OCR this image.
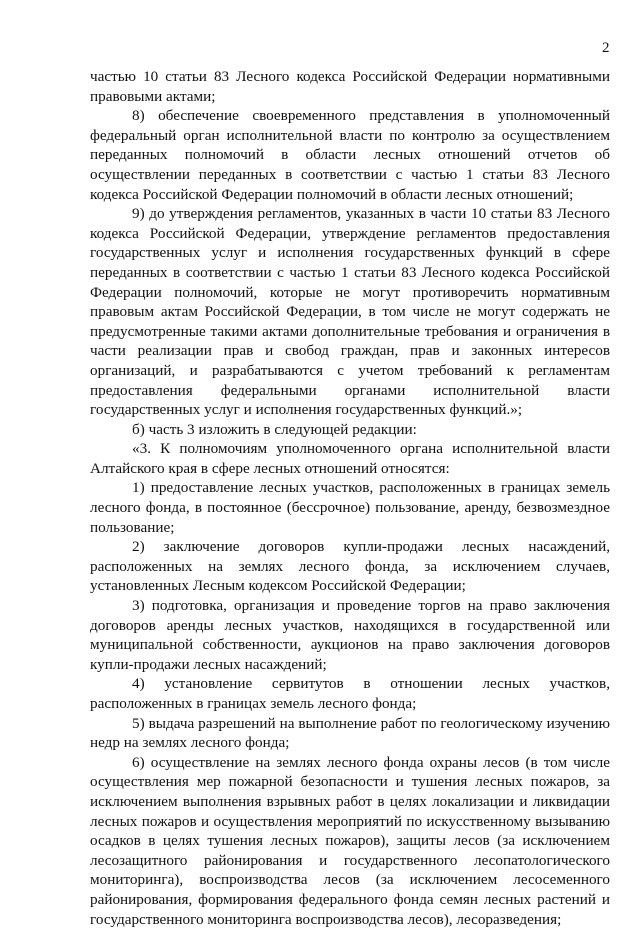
2

частью 10 статьи 83 Лесного кодекса Российской Федерации нормативными правовыми актами;

8) обеспечение своевременного представления в уполномоченный федеральный орган исполнительной власти по контролю за осуществлением переданных полномочий в области лесных отношений отчетов об осуществлении переданных в соответствии с частью 1 статьи 83 Лесного кодекса Российской Федерации полномочий в области лесных отношений;

9) до утверждения регламентов, указанных в части 10 статьи 83 Лесного кодекса Российской Федерации, утверждение регламентов предоставления государственных услуг и исполнения государственных функций в сфере переданных в соответствии с частью 1 статьи 83 Лесного кодекса Российской Федерации полномочий, которые не могут противоречить нормативным правовым актам Российской Федерации, в том числе не могут содержать не предусмотренные такими актами дополнительные требования и ограничения в части реализации прав и свобод граждан, прав и законных интересов организаций, и разрабатываются с учетом требований к регламентам предоставления федеральными органами исполнительной власти государственных услуг и исполнения государственных функций.»;

б) часть 3 изложить в следующей редакции:

«3. К полномочиям уполномоченного органа исполнительной власти Алтайского края в сфере лесных отношений относятся:

1) предоставление лесных участков, расположенных в границах земель лесного фонда, в постоянное (бессрочное) пользование, аренду, безвозмездное пользование;

2) заключение договоров купли-продажи лесных насаждений, расположенных на землях лесного фонда, за исключением случаев, установленных Лесным кодексом Российской Федерации;

3) подготовка, организация и проведение торгов на право заключения договоров аренды лесных участков, находящихся в государственной или муниципальной собственности, аукционов на право заключения договоров купли-продажи лесных насаждений;

4) установление сервитутов в отношении лесных участков, расположенных в границах земель лесного фонда;

5) выдача разрешений на выполнение работ по геологическому изучению недр на землях лесного фонда;

6) осуществление на землях лесного фонда охраны лесов (в том числе осуществления мер пожарной безопасности и тушения лесных пожаров, за исключением выполнения взрывных работ в целях локализации и ликвидации лесных пожаров и осуществления мероприятий по искусственному вызыванию осадков в целях тушения лесных пожаров), защиты лесов (за исключением лесозащитного районирования и государственного лесопатологического мониторинга), воспроизводства лесов (за исключением лесосеменного районирования, формирования федерального фонда семян лесных растений и государственного мониторинга воспроизводства лесов), лесоразведения;
